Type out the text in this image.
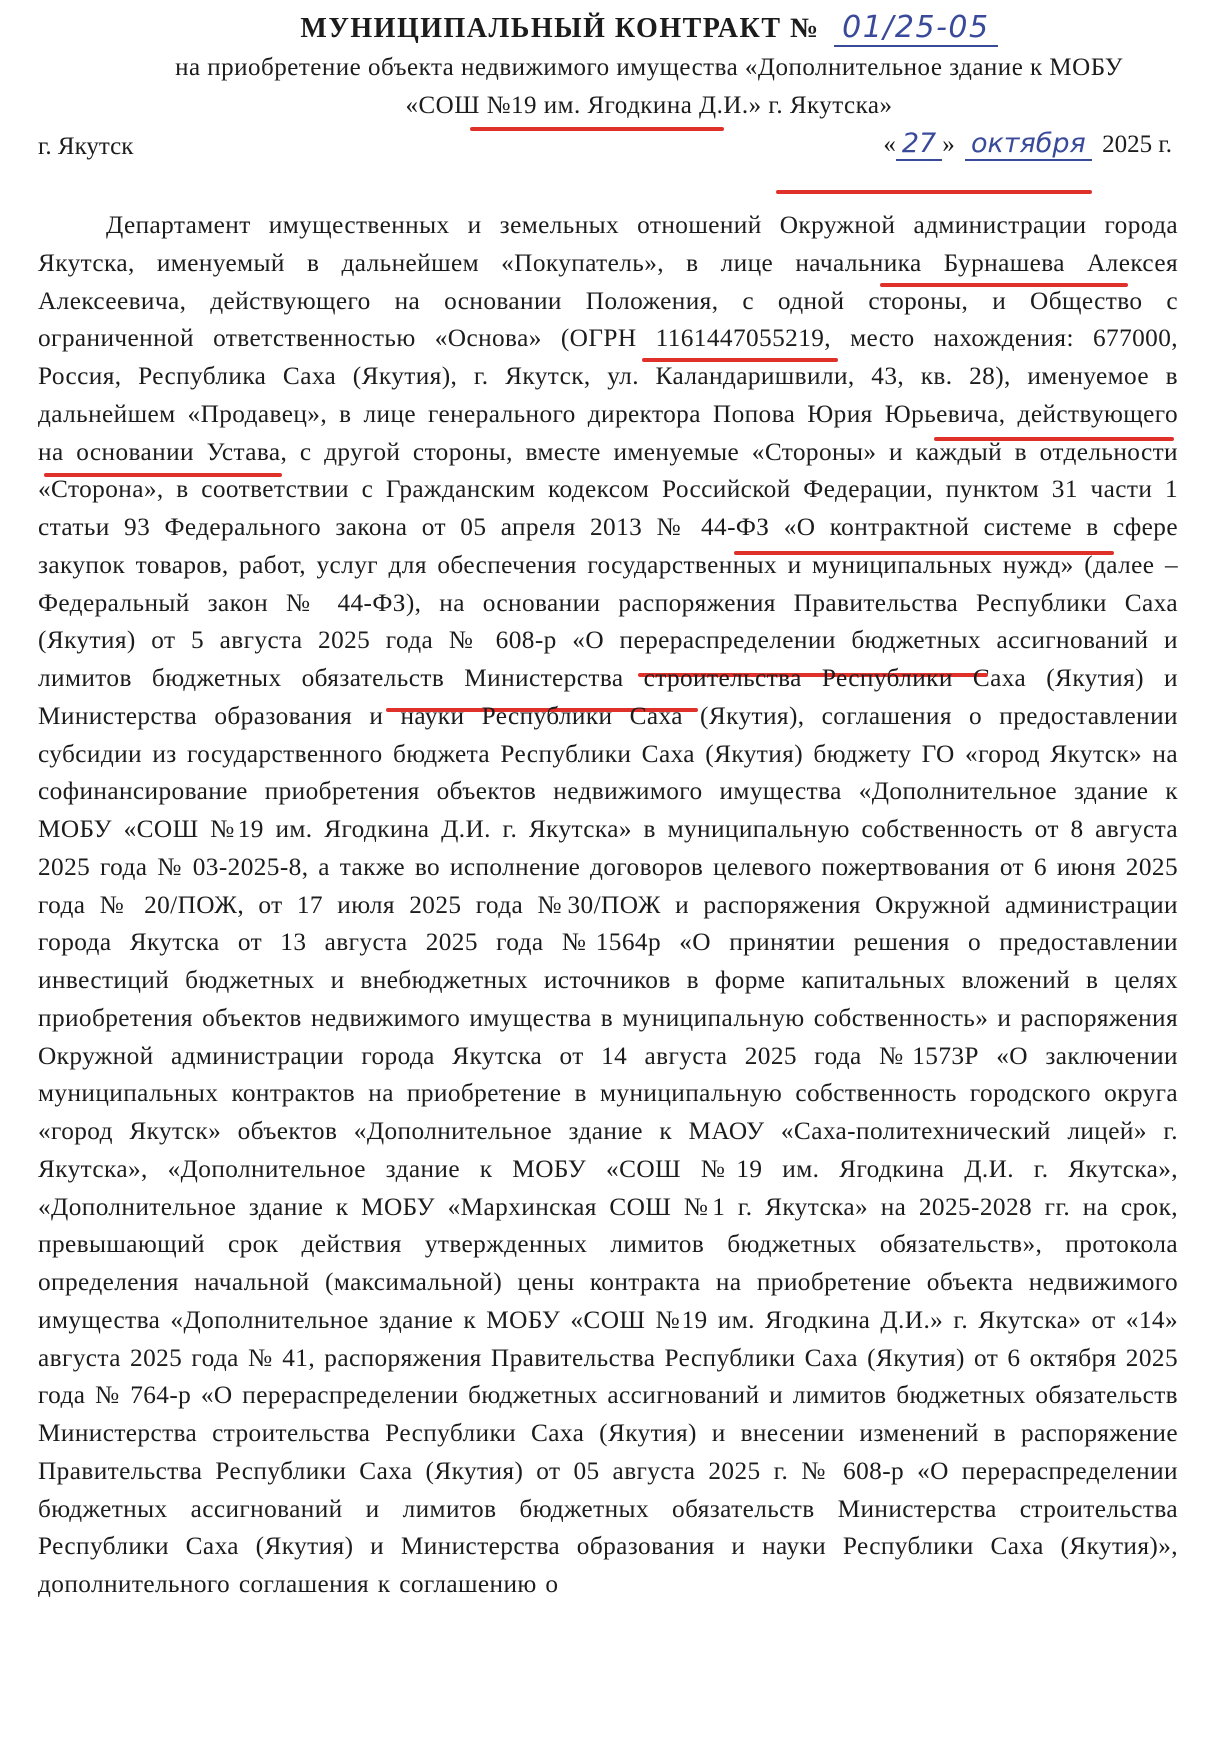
МУНИЦИПАЛЬНЫЙ КОНТРАКТ № 01/25-05
на приобретение объекта недвижимого имущества «Дополнительное здание к МОБУ
«СОШ №19 им. Ягодкина Д.И.» г. Якутска»
г. Якутск	« 27 » октября 2025 г.

Департамент имущественных и земельных отношений Окружной администрации города Якутска, именуемый в дальнейшем «Покупатель», в лице начальника Бурнашева Алексея Алексеевича, действующего на основании Положения, с одной стороны, и Общество с ограниченной ответственностью «Основа» (ОГРН 1161447055219, место нахождения: 677000, Россия, Республика Саха (Якутия), г. Якутск, ул. Каландаришвили, 43, кв. 28), именуемое в дальнейшем «Продавец», в лице генерального директора Попова Юрия Юрьевича, действующего на основании Устава, с другой стороны, вместе именуемые «Стороны» и каждый в отдельности «Сторона», в соответствии с Гражданским кодексом Российской Федерации, пунктом 31 части 1 статьи 93 Федерального закона от 05 апреля 2013 № 44-ФЗ «О контрактной системе в сфере закупок товаров, работ, услуг для обеспечения государственных и муниципальных нужд» (далее – Федеральный закон № 44-ФЗ), на основании распоряжения Правительства Республики Саха (Якутия) от 5 августа 2025 года № 608-р «О перераспределении бюджетных ассигнований и лимитов бюджетных обязательств Министерства строительства Республики Саха (Якутия) и Министерства образования и науки Республики Саха (Якутия), соглашения о предоставлении субсидии из государственного бюджета Республики Саха (Якутия) бюджету ГО «город Якутск» на софинансирование приобретения объектов недвижимого имущества «Дополнительное здание к МОБУ «СОШ №19 им. Ягодкина Д.И. г. Якутска» в муниципальную собственность от 8 августа 2025 года № 03-2025-8, а также во исполнение договоров целевого пожертвования от 6 июня 2025 года № 20/ПОЖ, от 17 июля 2025 года №30/ПОЖ и распоряжения Окружной администрации города Якутска от 13 августа 2025 года №1564р «О принятии решения о предоставлении инвестиций бюджетных и внебюджетных источников в форме капитальных вложений в целях приобретения объектов недвижимого имущества в муниципальную собственность» и распоряжения Окружной администрации города Якутска от 14 августа 2025 года №1573Р «О заключении муниципальных контрактов на приобретение в муниципальную собственность городского округа «город Якутск» объектов «Дополнительное здание к МАОУ «Саха-политехнический лицей» г. Якутска», «Дополнительное здание к МОБУ «СОШ №19 им. Ягодкина Д.И. г. Якутска», «Дополнительное здание к МОБУ «Мархинская СОШ №1 г. Якутска» на 2025-2028 гг. на срок, превышающий срок действия утвержденных лимитов бюджетных обязательств», протокола определения начальной (максимальной) цены контракта на приобретение объекта недвижимого имущества «Дополнительное здание к МОБУ «СОШ №19 им. Ягодкина Д.И.» г. Якутска» от «14» августа 2025 года № 41, распоряжения Правительства Республики Саха (Якутия) от 6 октября 2025 года № 764-р «О перераспределении бюджетных ассигнований и лимитов бюджетных обязательств Министерства строительства Республики Саха (Якутия) и внесении изменений в распоряжение Правительства Республики Саха (Якутия) от 05 августа 2025 г. № 608-р «О перераспределении бюджетных ассигнований и лимитов бюджетных обязательств Министерства строительства Республики Саха (Якутия) и Министерства образования и науки Республики Саха (Якутия)», дополнительного соглашения к соглашению о
